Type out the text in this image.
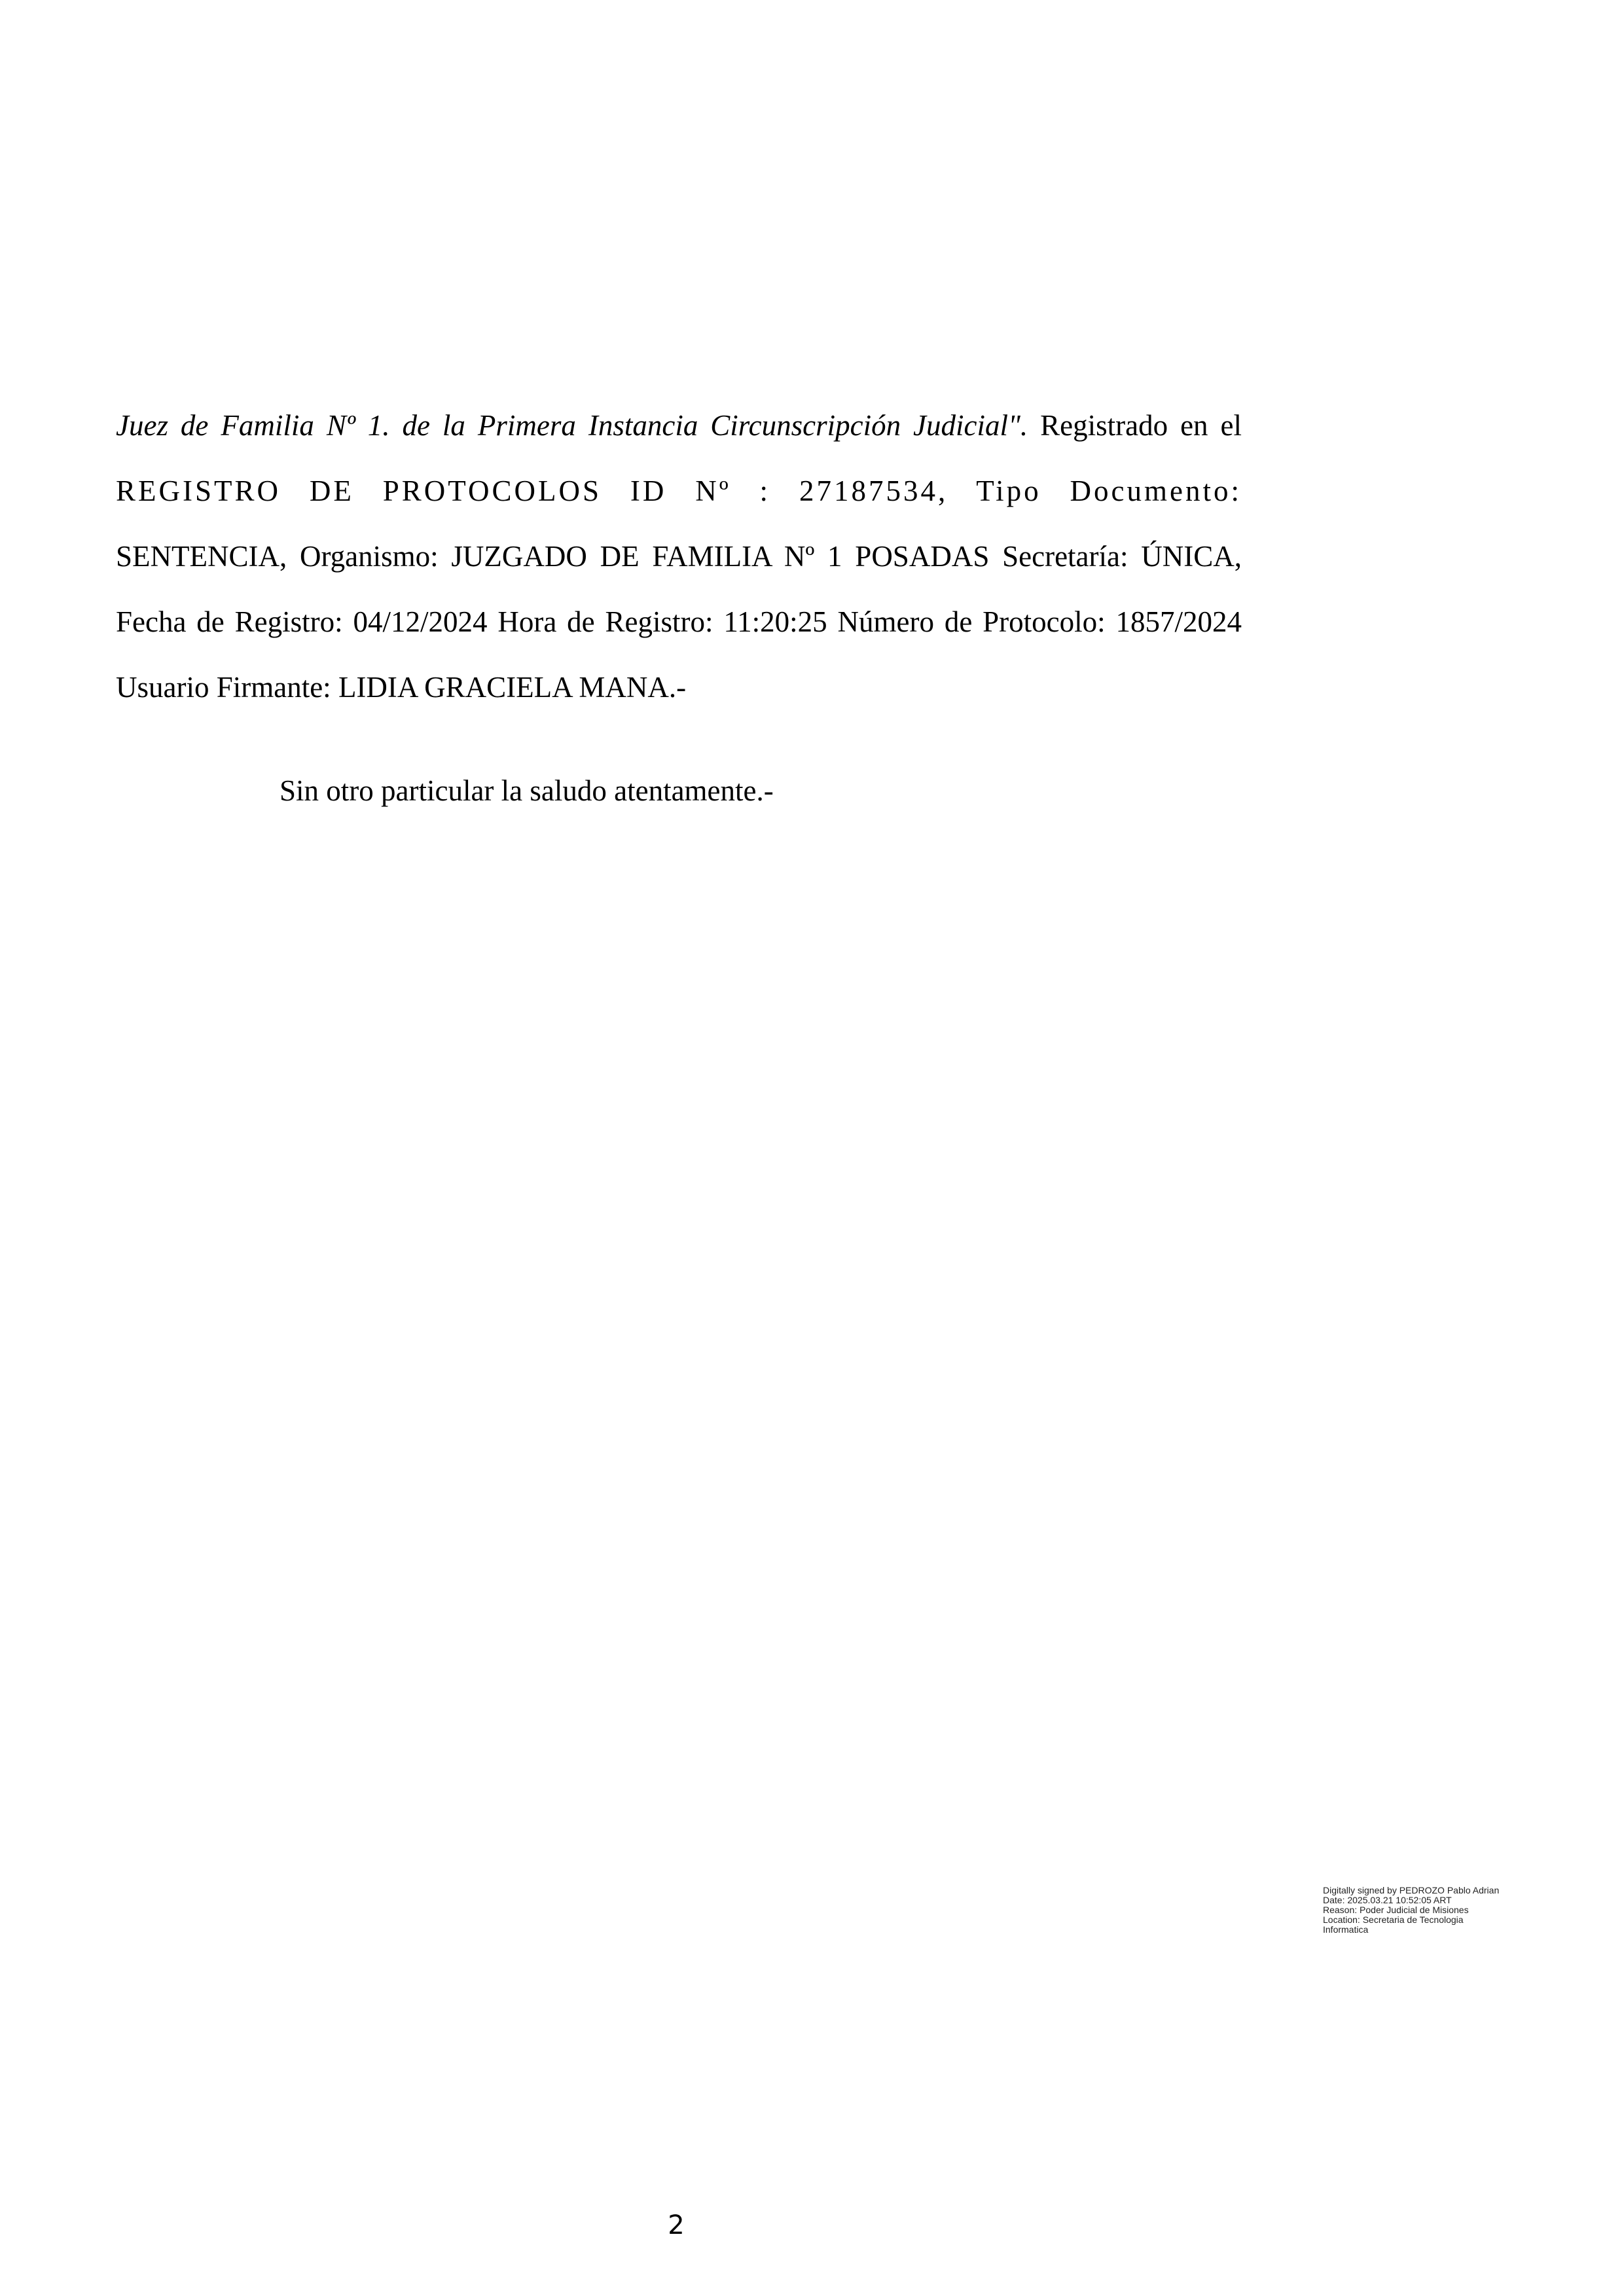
Juez de Familia Nº 1. de la Primera Instancia Circunscripción Judicial". Registrado en el REGISTRO DE PROTOCOLOS ID Nº : 27187534, Tipo Documento: SENTENCIA, Organismo: JUZGADO DE FAMILIA Nº 1 POSADAS Secretaría: ÚNICA, Fecha de Registro: 04/12/2024 Hora de Registro: 11:20:25 Número de Protocolo: 1857/2024 Usuario Firmante: LIDIA GRACIELA MANA.-

Sin otro particular la saludo atentamente.-

Digitally signed by PEDROZO Pablo Adrian
Date: 2025.03.21 10:52:05 ART
Reason: Poder Judicial de Misiones
Location: Secretaria de Tecnologia
Informatica
2
